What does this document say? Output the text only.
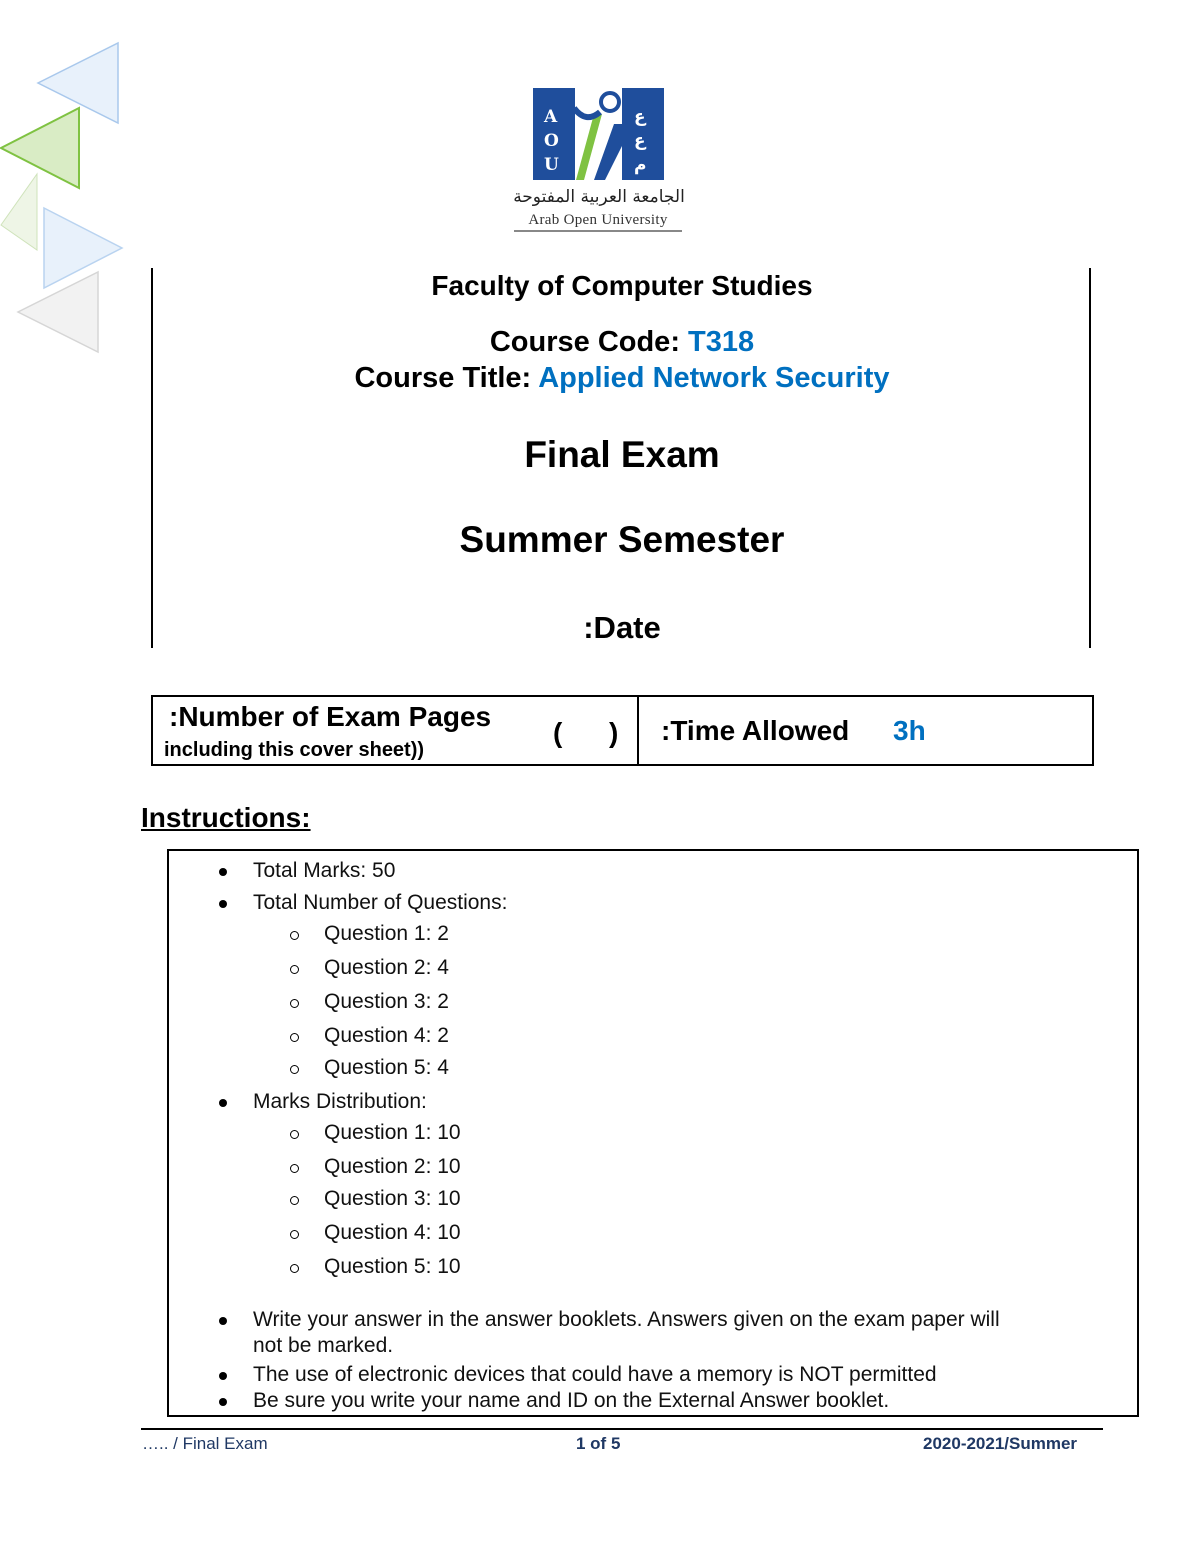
A
O
U
ع
ع
م
الجامعة العربية المفتوحة
Arab Open University
Faculty of Computer Studies
Course Code: T318
Course Title: Applied Network Security
Final Exam
Summer Semester
:Date
:Number of Exam Pages
including this cover sheet))
(      ) :Time Allowed 3h
Instructions:
Total Marks: 50
Total Number of Questions:
Question 1: 2
Question 2: 4
Question 3: 2
Question 4: 2
Question 5: 4
Marks Distribution:
Question 1: 10
Question 2: 10
Question 3: 10
Question 4: 10
Question 5: 10
Write your answer in the answer booklets. Answers given on the exam paper will
not be marked.
The use of electronic devices that could have a memory is NOT permitted
Be sure you write your name and ID on the External Answer booklet.
….. / Final Exam	1 of 5	2020-2021/Summer
